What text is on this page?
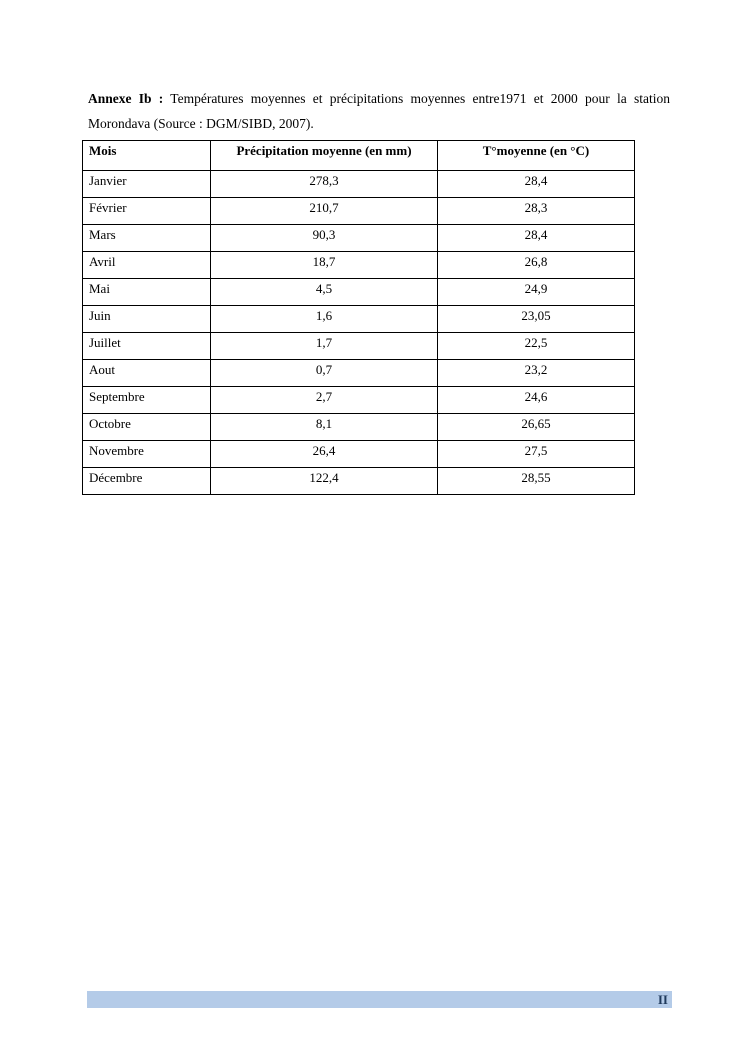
Annexe Ib : Températures moyennes et précipitations moyennes entre1971 et 2000 pour la station Morondava (Source : DGM/SIBD, 2007).

Mois	Précipitation moyenne (en mm)	T°moyenne (en °C)
Janvier	278,3	28,4
Février	210,7	28,3
Mars	90,3	28,4
Avril	18,7	26,8
Mai	4,5	24,9
Juin	1,6	23,05
Juillet	1,7	22,5
Aout	0,7	23,2
Septembre	2,7	24,6
Octobre	8,1	26,65
Novembre	26,4	27,5
Décembre	122,4	28,55
II
